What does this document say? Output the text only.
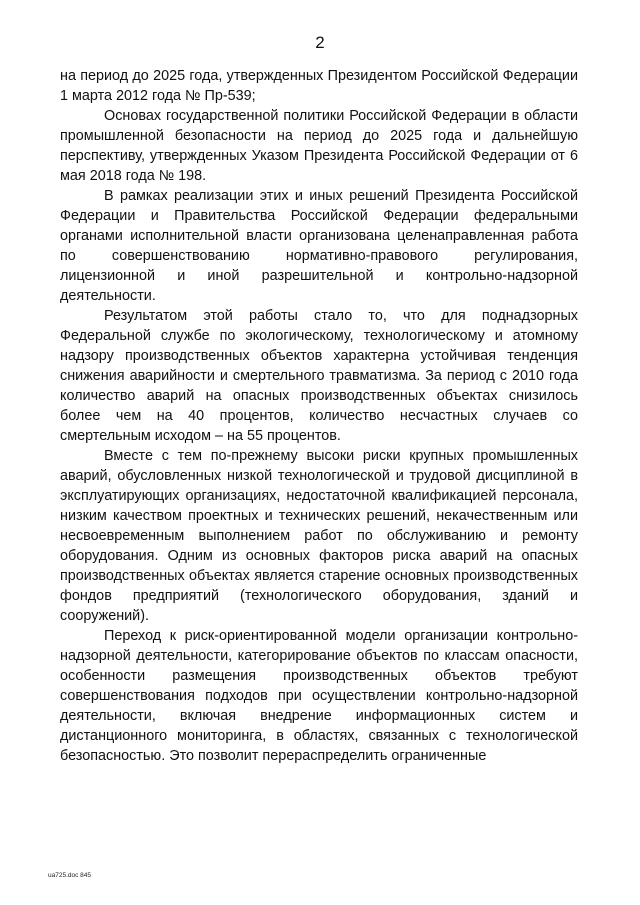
2

на период до 2025 года, утвержденных Президентом Российской Федерации 1 марта 2012 года № Пр-539;

Основах государственной политики Российской Федерации в области промышленной безопасности на период до 2025 года и дальнейшую перспективу, утвержденных Указом Президента Российской Федерации от 6 мая 2018 года № 198.

В рамках реализации этих и иных решений Президента Российской Федерации и Правительства Российской Федерации федеральными органами исполнительной власти организована целенаправленная работа по совершенствованию нормативно-правового регулирования, лицензионной и иной разрешительной и контрольно-надзорной деятельности.

Результатом этой работы стало то, что для поднадзорных Федеральной службе по экологическому, технологическому и атомному надзору производственных объектов характерна устойчивая тенденция снижения аварийности и смертельного травматизма. За период с 2010 года количество аварий на опасных производственных объектах снизилось более чем на 40 процентов, количество несчастных случаев со смертельным исходом – на 55 процентов.

Вместе с тем по-прежнему высоки риски крупных промышленных аварий, обусловленных низкой технологической и трудовой дисциплиной в эксплуатирующих организациях, недостаточной квалификацией персонала, низким качеством проектных и технических решений, некачественным или несвоевременным выполнением работ по обслуживанию и ремонту оборудования. Одним из основных факторов риска аварий на опасных производственных объектах является старение основных производственных фондов предприятий (технологического оборудования, зданий и сооружений).

Переход к риск-ориентированной модели организации контрольно-надзорной деятельности, категорирование объектов по классам опасности, особенности размещения производственных объектов требуют совершенствования подходов при осуществлении контрольно-надзорной деятельности, включая внедрение информационных систем и дистанционного мониторинга, в областях, связанных с технологической безопасностью. Это позволит перераспределить ограниченные

ua725.doc 845
